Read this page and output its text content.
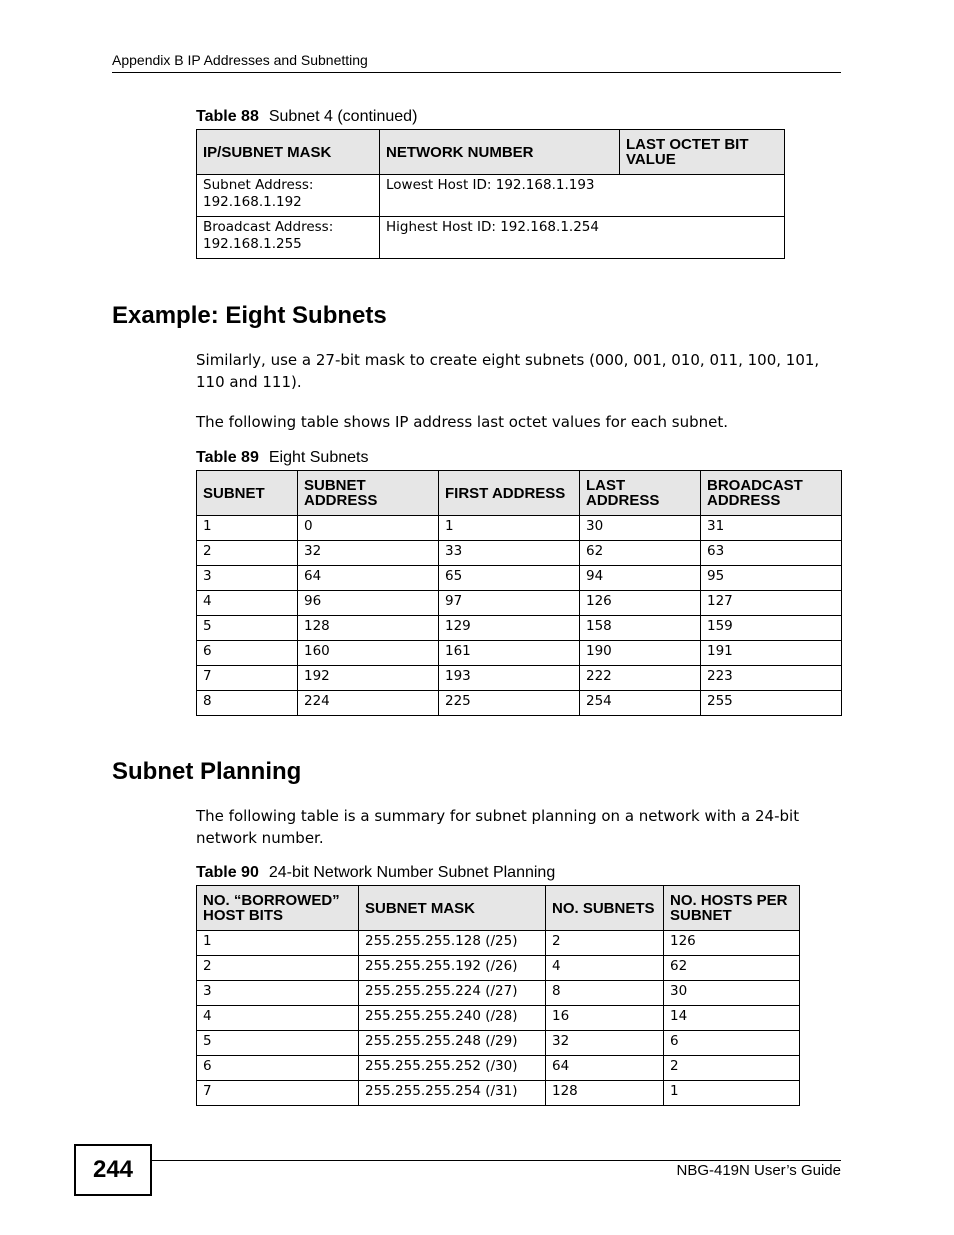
Appendix B IP Addresses and Subnetting
Table 88 Subnet 4 (continued)
IP/SUBNET MASK	NETWORK NUMBER	LAST OCTET BIT VALUE
Subnet Address: 192.168.1.192	Lowest Host ID: 192.168.1.193	
Broadcast Address: 192.168.1.255	Highest Host ID: 192.168.1.254	
Example: Eight Subnets
Similarly, use a 27-bit mask to create eight subnets (000, 001, 010, 011, 100, 101, 110 and 111).
The following table shows IP address last octet values for each subnet.
Table 89 Eight Subnets
SUBNET	SUBNET ADDRESS	FIRST ADDRESS	LAST ADDRESS	BROADCAST ADDRESS
1	0	1	30	31
2	32	33	62	63
3	64	65	94	95
4	96	97	126	127
5	128	129	158	159
6	160	161	190	191
7	192	193	222	223
8	224	225	254	255
Subnet Planning
The following table is a summary for subnet planning on a network with a 24-bit network number.
Table 90 24-bit Network Number Subnet Planning
NO. “BORROWED” HOST BITS	SUBNET MASK	NO. SUBNETS	NO. HOSTS PER SUBNET
1	255.255.255.128 (/25)	2	126
2	255.255.255.192 (/26)	4	62
3	255.255.255.224 (/27)	8	30
4	255.255.255.240 (/28)	16	14
5	255.255.255.248 (/29)	32	6
6	255.255.255.252 (/30)	64	2
7	255.255.255.254 (/31)	128	1
244	NBG-419N User’s Guide
